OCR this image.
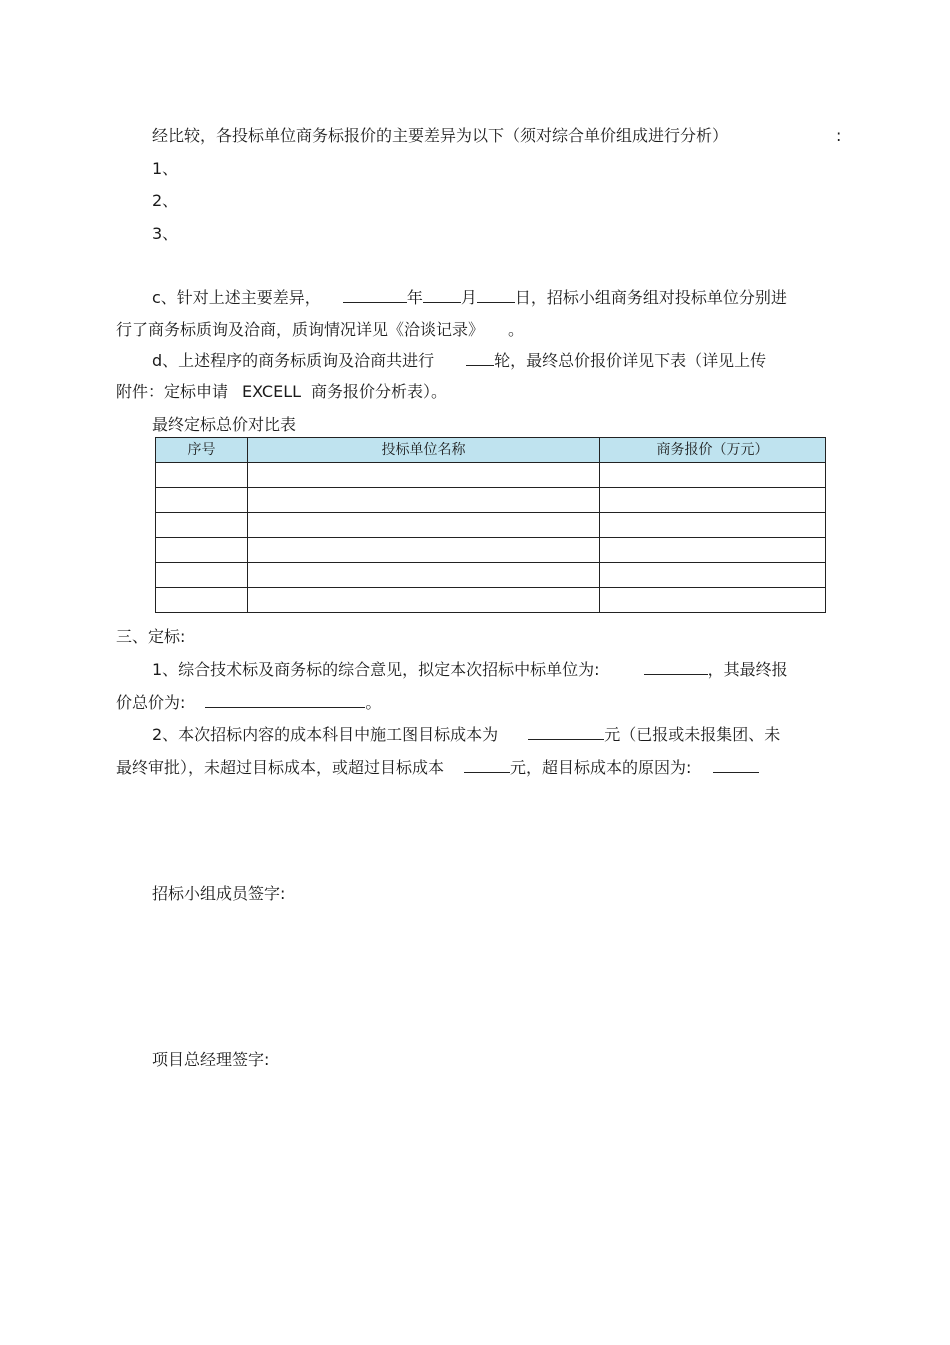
经比较，各投标单位商务标报价的主要差异为以下（须对综合单价组成进行分析）	:
1、
2、
3、
c、针对上述主要差异，	年 月 日，招标小组商务组对投标单位分别进
行了商务标质询及洽商，质询情况详见《洽谈记录》 。
d、上述程序的商务标质询及洽商共进行	轮，最终总价报价详见下表（详见上传
附件：定标申请 EXCELL 商务报价分析表）。
最终定标总价对比表
序号	投标单位名称	商务报价（万元）

三、定标:
1、综合技术标及商务标的综合意见，拟定本次招标中标单位为:	，其最终报
价总价为:	。
2、本次招标内容的成本科目中施工图目标成本为	元（已报或未报集团、未
最终审批），未超过目标成本，或超过目标成本	元，超目标成本的原因为:
招标小组成员签字:
项目总经理签字:
